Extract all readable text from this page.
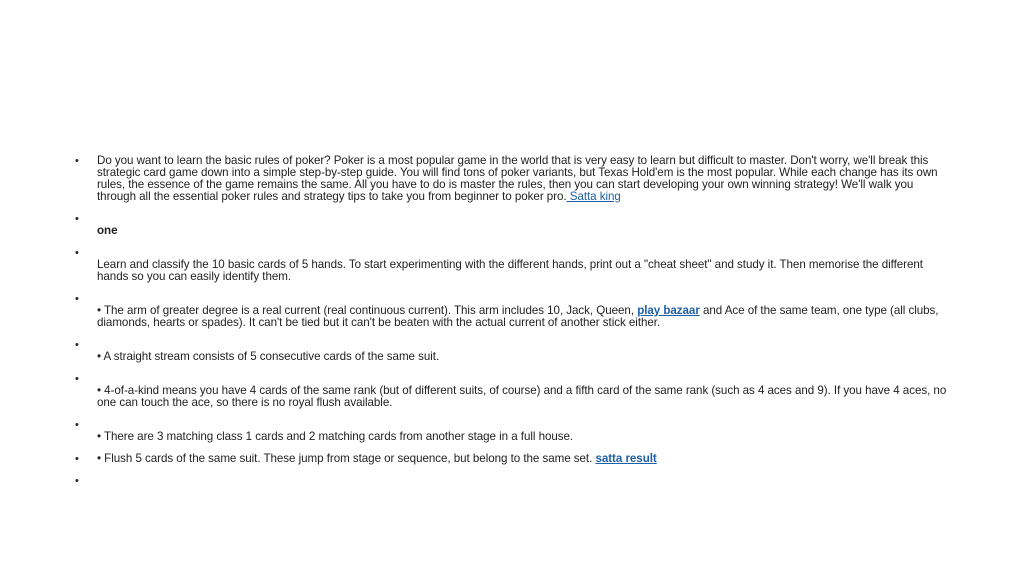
• Do you want to learn the basic rules of poker? Poker is a most popular game in the world that is very easy to learn but difficult to master. Don't worry, we'll break this strategic card game down into a simple step-by-step guide. You will find tons of poker variants, but Texas Hold'em is the most popular. While each change has its own rules, the essence of the game remains the same. All you have to do is master the rules, then you can start developing your own winning strategy! We'll walk you through all the essential poker rules and strategy tips to take you from beginner to poker pro. Satta king
•
one
•
Learn and classify the 10 basic cards of 5 hands. To start experimenting with the different hands, print out a "cheat sheet" and study it. Then memorise the different hands so you can easily identify them.
•
• The arm of greater degree is a real current (real continuous current). This arm includes 10, Jack, Queen, play bazaar and Ace of the same team, one type (all clubs, diamonds, hearts or spades). It can't be tied but it can't be beaten with the actual current of another stick either.
•
• A straight stream consists of 5 consecutive cards of the same suit.
•
• 4-of-a-kind means you have 4 cards of the same rank (but of different suits, of course) and a fifth card of the same rank (such as 4 aces and 9). If you have 4 aces, no one can touch the ace, so there is no royal flush available.
•
• There are 3 matching class 1 cards and 2 matching cards from another stage in a full house.
• • Flush 5 cards of the same suit. These jump from stage or sequence, but belong to the same set. satta result
•
